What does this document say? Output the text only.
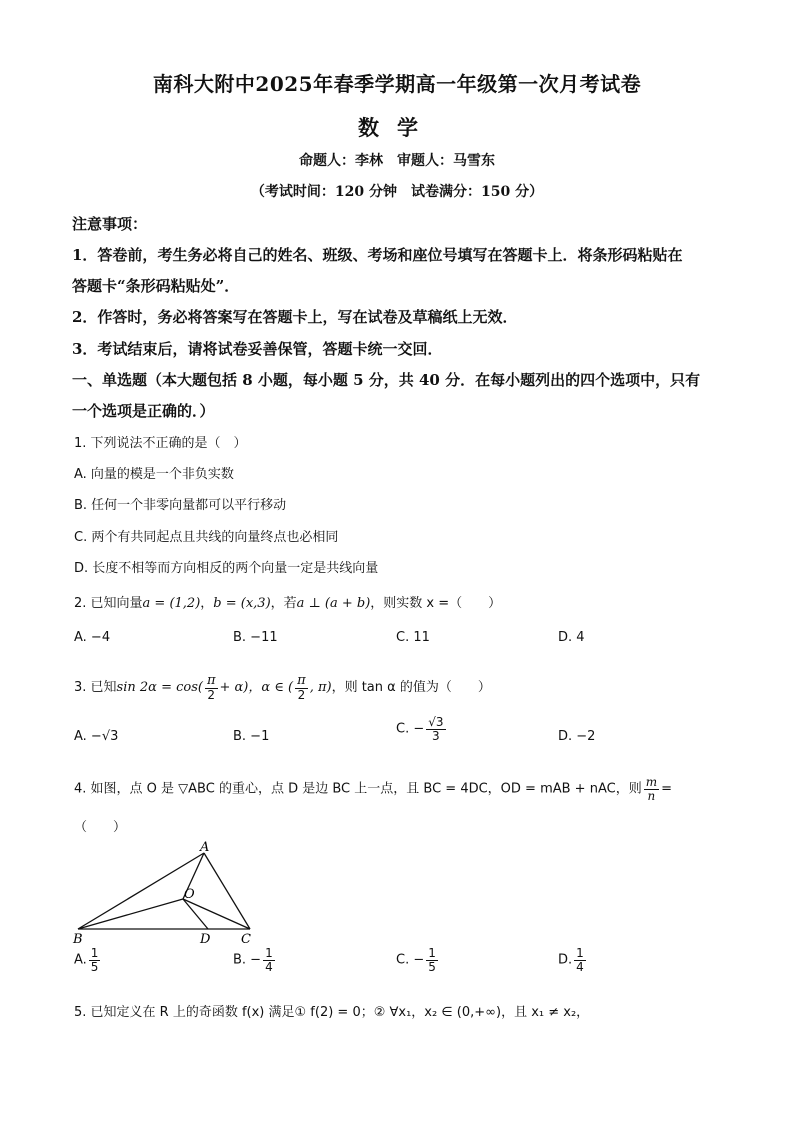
南科大附中2025年春季学期高一年级第一次月考试卷
数学
命题人：李林　审题人：马雪东
（考试时间：120 分钟　试卷满分：150 分）
注意事项：
1．答卷前，考生务必将自己的姓名、班级、考场和座位号填写在答题卡上．将条形码粘贴在
答题卡“条形码粘贴处”．
2．作答时，务必将答案写在答题卡上，写在试卷及草稿纸上无效．
3．考试结束后，请将试卷妥善保管，答题卡统一交回．
一、单选题（本大题包括 8 小题，每小题 5 分，共 40 分．在每小题列出的四个选项中，只有
一个选项是正确的．）
1. 下列说法不正确的是（　）
A. 向量的模是一个非负实数
B. 任何一个非零向量都可以平行移动
C. 两个有共同起点且共线的向量终点也必相同
D. 长度不相等而方向相反的两个向量一定是共线向量
2. 已知向量a = (1,2)，b = (x,3)，若a ⊥ (a + b)，则实数 x =（　　）
A. −4	B. −11	C. 11	D. 4
3. 已知$\sin 2\alpha = \cos( \frac{\pi}{2} + \alpha)$，α ∈ ( $\frac{\pi}{2}$ , π)，则 tan α 的值为（　　）
A. −√3	B. −1	C. − $\frac{√3}{3}$	D. −2
4. 如图，点 O 是 ▽ABC 的重心，点 D 是边 BC 上一点，且 BC = 4DC，OD = mAB + nAC，则 $\frac{m}{n}$ =
（　　）
A
B	C
D
O
A. $\frac{1}{5}$	B. − $\frac{1}{4}$	C. − $\frac{1}{5}$	D. $\frac{1}{4}$
5. 已知定义在 R 上的奇函数 f(x) 满足① f(2) = 0；② ∀x₁，x₂ ∈ (0,+∞)，且 x₁ ≠ x₂，
